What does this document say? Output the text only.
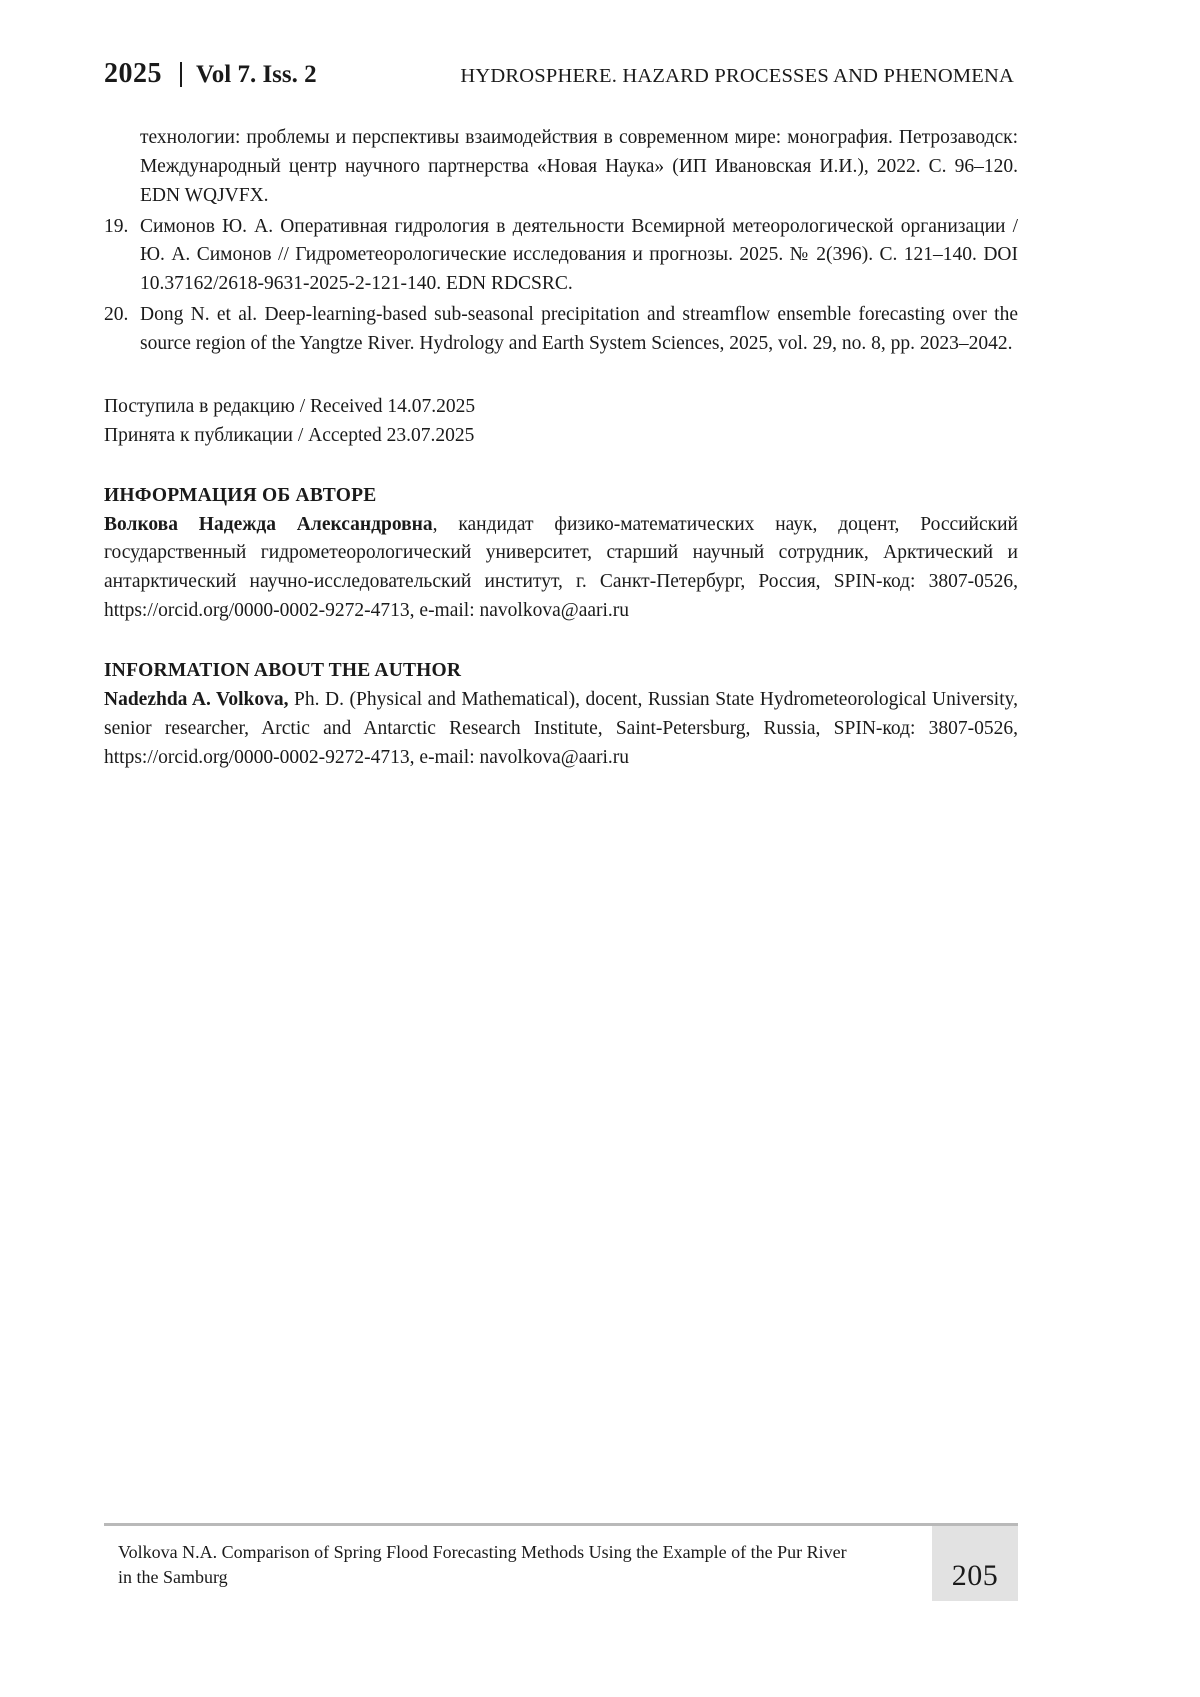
2025	Vol 7. Iss. 2	HYDROSPHERE. HAZARD PROCESSES AND PHENOMENA
технологии: проблемы и перспективы взаимодействия в современном мире: монография. Петрозаводск: Международный центр научного партнерства «Новая Наука» (ИП Ивановская И.И.), 2022. С. 96–120. EDN WQJVFX.
19. Симонов Ю. А. Оперативная гидрология в деятельности Всемирной метеорологической организации / Ю. А. Симонов // Гидрометеорологические исследования и прогнозы. 2025. № 2(396). С. 121–140. DOI 10.37162/2618-9631-2025-2-121-140. EDN RDCSRC.
20. Dong N. et al. Deep-learning-based sub-seasonal precipitation and streamflow ensemble forecasting over the source region of the Yangtze River. Hydrology and Earth System Sciences, 2025, vol. 29, no. 8, pp. 2023–2042.
Поступила в редакцию / Received 14.07.2025
Принята к публикации / Accepted 23.07.2025
ИНФОРМАЦИЯ ОБ АВТОРЕ
Волкова Надежда Александровна, кандидат физико-математических наук, доцент, Российский государственный гидрометеорологический университет, старший научный сотрудник, Арктический и антарктический научно-исследовательский институт, г. Санкт-Петербург, Россия, SPIN-код: 3807-0526, https://orcid.org/0000-0002-9272-4713, e-mail: navolkova@aari.ru
INFORMATION ABOUT THE AUTHOR
Nadezhda A. Volkova, Ph. D. (Physical and Mathematical), docent, Russian State Hydrometeorological University, senior researcher, Arctic and Antarctic Research Institute, Saint-Petersburg, Russia, SPIN-код: 3807-0526, https://orcid.org/0000-0002-9272-4713, e-mail: navolkova@aari.ru
Volkova N.A. Comparison of Spring Flood Forecasting Methods Using the Example of the Pur River
in the Samburg	205
